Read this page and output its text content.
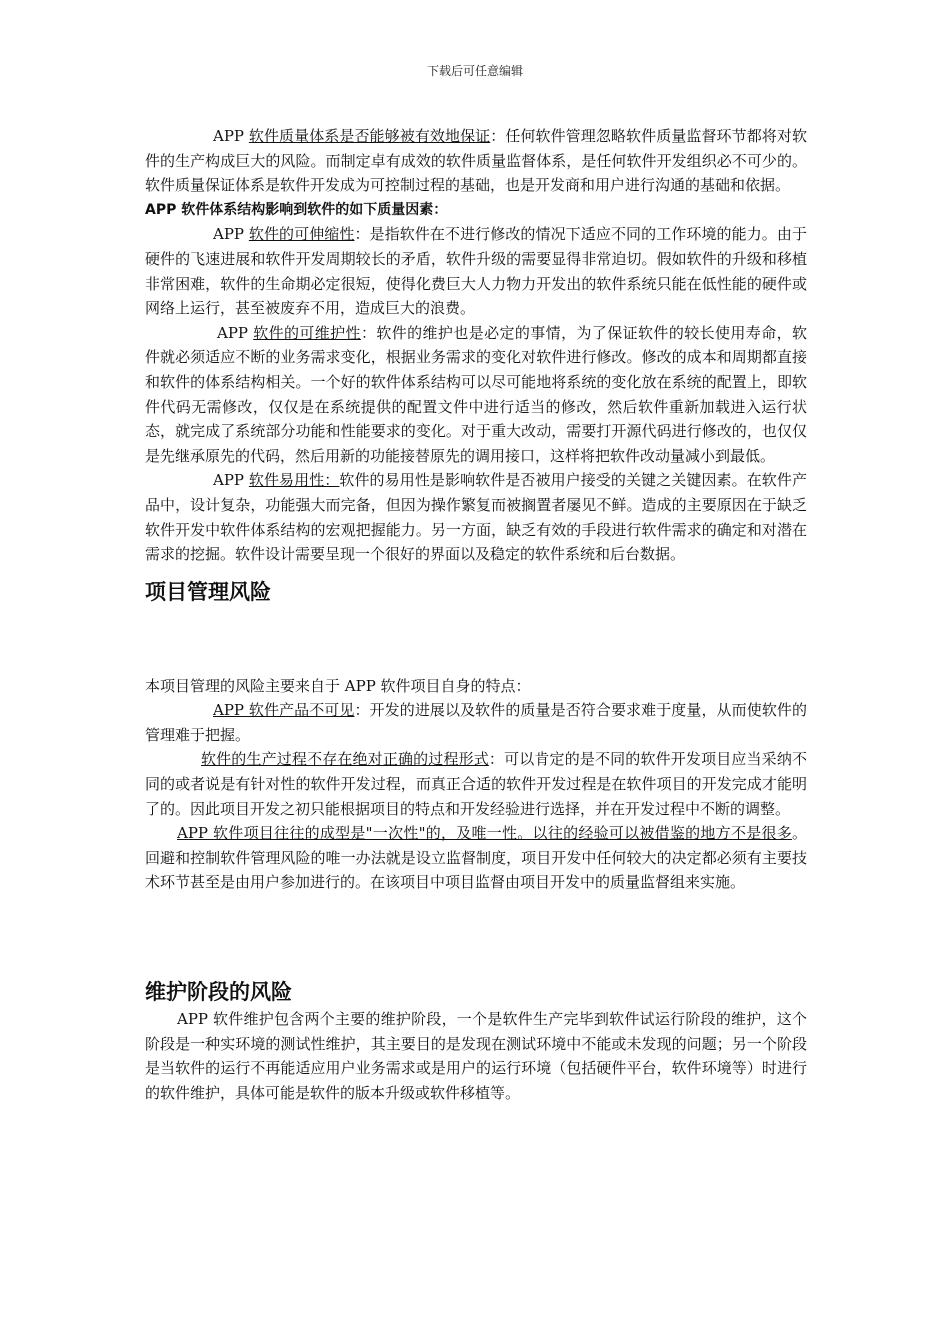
下载后可任意编辑

APP 软件质量体系是否能够被有效地保证：任何软件管理忽略软件质量监督环节都将对软件的生产构成巨大的风险。而制定卓有成效的软件质量监督体系，是任何软件开发组织必不可少的。软件质量保证体系是软件开发成为可控制过程的基础，也是开发商和用户进行沟通的基础和依据。

APP 软件体系结构影响到软件的如下质量因素：

APP 软件的可伸缩性：是指软件在不进行修改的情况下适应不同的工作环境的能力。由于硬件的飞速进展和软件开发周期较长的矛盾，软件升级的需要显得非常迫切。假如软件的升级和移植非常困难，软件的生命期必定很短，使得化费巨大人力物力开发出的软件系统只能在低性能的硬件或网络上运行，甚至被废弃不用，造成巨大的浪费。

APP 软件的可维护性：软件的维护也是必定的事情，为了保证软件的较长使用寿命，软件就必须适应不断的业务需求变化，根据业务需求的变化对软件进行修改。修改的成本和周期都直接和软件的体系结构相关。一个好的软件体系结构可以尽可能地将系统的变化放在系统的配置上，即软件代码无需修改，仅仅是在系统提供的配置文件中进行适当的修改，然后软件重新加载进入运行状态，就完成了系统部分功能和性能要求的变化。对于重大改动，需要打开源代码进行修改的，也仅仅是先继承原先的代码，然后用新的功能接替原先的调用接口，这样将把软件改动量减小到最低。

APP 软件易用性：软件的易用性是影响软件是否被用户接受的关键之关键因素。在软件产品中，设计复杂，功能强大而完备，但因为操作繁复而被搁置者屡见不鲜。造成的主要原因在于缺乏软件开发中软件体系结构的宏观把握能力。另一方面，缺乏有效的手段进行软件需求的确定和对潜在需求的挖掘。软件设计需要呈现一个很好的界面以及稳定的软件系统和后台数据。

项目管理风险

本项目管理的风险主要来自于 APP 软件项目自身的特点：

APP 软件产品不可见：开发的进展以及软件的质量是否符合要求难于度量，从而使软件的管理难于把握。

软件的生产过程不存在绝对正确的过程形式：可以肯定的是不同的软件开发项目应当采纳不同的或者说是有针对性的软件开发过程，而真正合适的软件开发过程是在软件项目的开发完成才能明了的。因此项目开发之初只能根据项目的特点和开发经验进行选择，并在开发过程中不断的调整。

APP 软件项目往往的成型是"一次性"的，及唯一性。以往的经验可以被借鉴的地方不是很多。回避和控制软件管理风险的唯一办法就是设立监督制度，项目开发中任何较大的决定都必须有主要技术环节甚至是由用户参加进行的。在该项目中项目监督由项目开发中的质量监督组来实施。

维护阶段的风险

APP 软件维护包含两个主要的维护阶段，一个是软件生产完毕到软件试运行阶段的维护，这个阶段是一种实环境的测试性维护，其主要目的是发现在测试环境中不能或未发现的问题；另一个阶段是当软件的运行不再能适应用户业务需求或是用户的运行环境（包括硬件平台，软件环境等）时进行的软件维护，具体可能是软件的版本升级或软件移植等。
